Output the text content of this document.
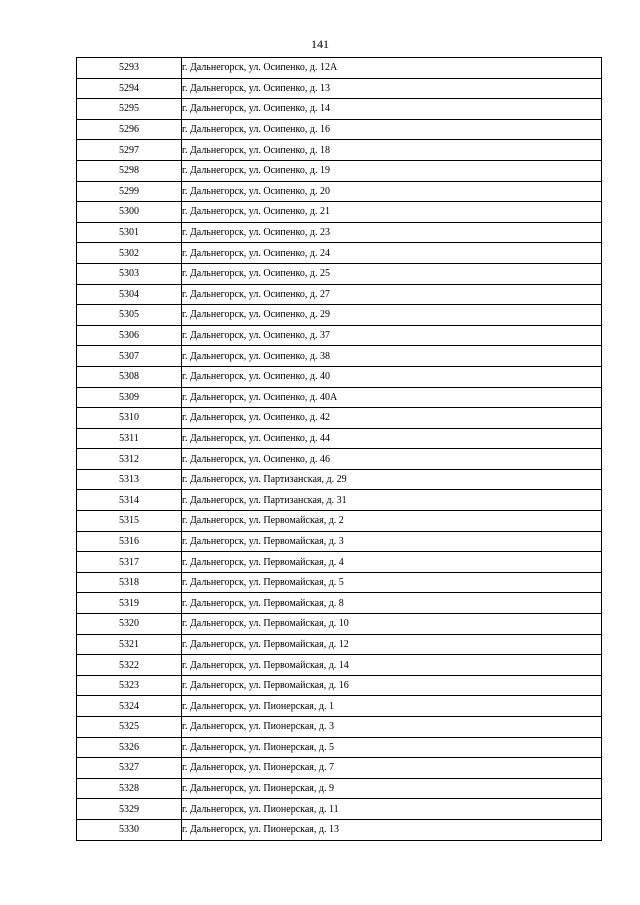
141
5293	г. Дальнегорск, ул. Осипенко, д. 12А
5294	г. Дальнегорск, ул. Осипенко, д. 13
5295	г. Дальнегорск, ул. Осипенко, д. 14
5296	г. Дальнегорск, ул. Осипенко, д. 16
5297	г. Дальнегорск, ул. Осипенко, д. 18
5298	г. Дальнегорск, ул. Осипенко, д. 19
5299	г. Дальнегорск, ул. Осипенко, д. 20
5300	г. Дальнегорск, ул. Осипенко, д. 21
5301	г. Дальнегорск, ул. Осипенко, д. 23
5302	г. Дальнегорск, ул. Осипенко, д. 24
5303	г. Дальнегорск, ул. Осипенко, д. 25
5304	г. Дальнегорск, ул. Осипенко, д. 27
5305	г. Дальнегорск, ул. Осипенко, д. 29
5306	г. Дальнегорск, ул. Осипенко, д. 37
5307	г. Дальнегорск, ул. Осипенко, д. 38
5308	г. Дальнегорск, ул. Осипенко, д. 40
5309	г. Дальнегорск, ул. Осипенко, д. 40А
5310	г. Дальнегорск, ул. Осипенко, д. 42
5311	г. Дальнегорск, ул. Осипенко, д. 44
5312	г. Дальнегорск, ул. Осипенко, д. 46
5313	г. Дальнегорск, ул. Партизанская, д. 29
5314	г. Дальнегорск, ул. Партизанская, д. 31
5315	г. Дальнегорск, ул. Первомайская, д. 2
5316	г. Дальнегорск, ул. Первомайская, д. 3
5317	г. Дальнегорск, ул. Первомайская, д. 4
5318	г. Дальнегорск, ул. Первомайская, д. 5
5319	г. Дальнегорск, ул. Первомайская, д. 8
5320	г. Дальнегорск, ул. Первомайская, д. 10
5321	г. Дальнегорск, ул. Первомайская, д. 12
5322	г. Дальнегорск, ул. Первомайская, д. 14
5323	г. Дальнегорск, ул. Первомайская, д. 16
5324	г. Дальнегорск, ул. Пионерская, д. 1
5325	г. Дальнегорск, ул. Пионерская, д. 3
5326	г. Дальнегорск, ул. Пионерская, д. 5
5327	г. Дальнегорск, ул. Пионерская, д. 7
5328	г. Дальнегорск, ул. Пионерская, д. 9
5329	г. Дальнегорск, ул. Пионерская, д. 11
5330	г. Дальнегорск, ул. Пионерская, д. 13
